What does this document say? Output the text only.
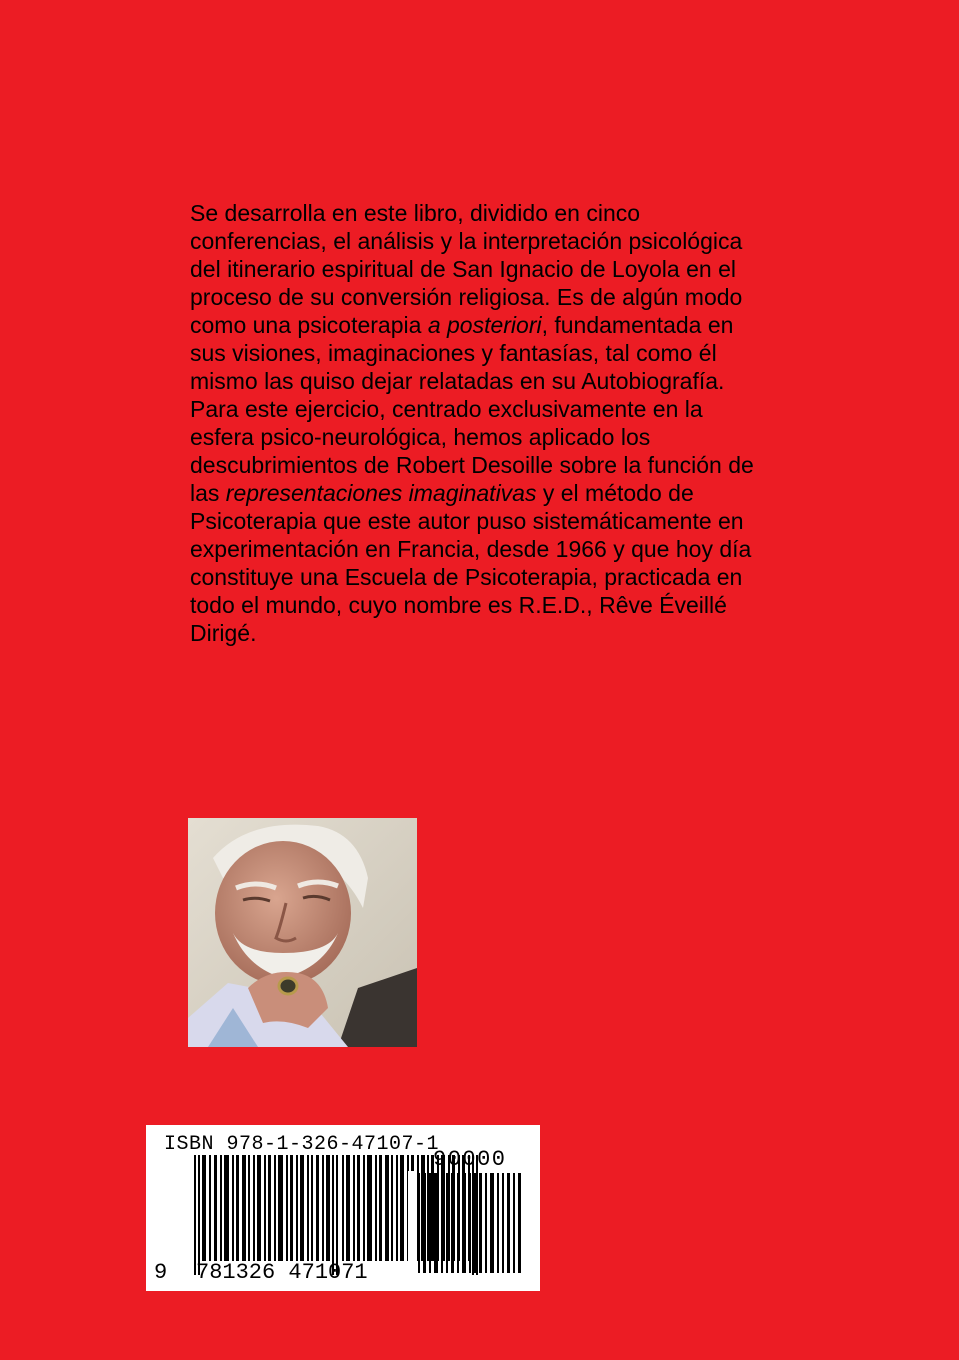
Se desarrolla en este libro, dividido en cinco conferencias, el análisis y la interpretación psicológica del itinerario espiritual de San Ignacio de Loyola en el proceso de su conversión religiosa. Es de algún modo como una psicoterapia a posteriori, fundamentada en sus visiones, imaginaciones y fantasías, tal como él mismo las quiso dejar relatadas en su Autobiografía.

Para este ejercicio, centrado exclusivamente en la esfera psico-neurológica, hemos aplicado los descubrimientos de Robert Desoille sobre la función de las representaciones imaginativas y el método de Psicoterapia que este autor puso sistemáticamente en experimentación en Francia, desde 1966 y que hoy día constituye una Escuela de Psicoterapia, practicada en todo el mundo, cuyo nombre es R.E.D., Rêve Éveillé Dirigé.

ISBN 978-1-326-47107-1
90000
9 781326 471071
